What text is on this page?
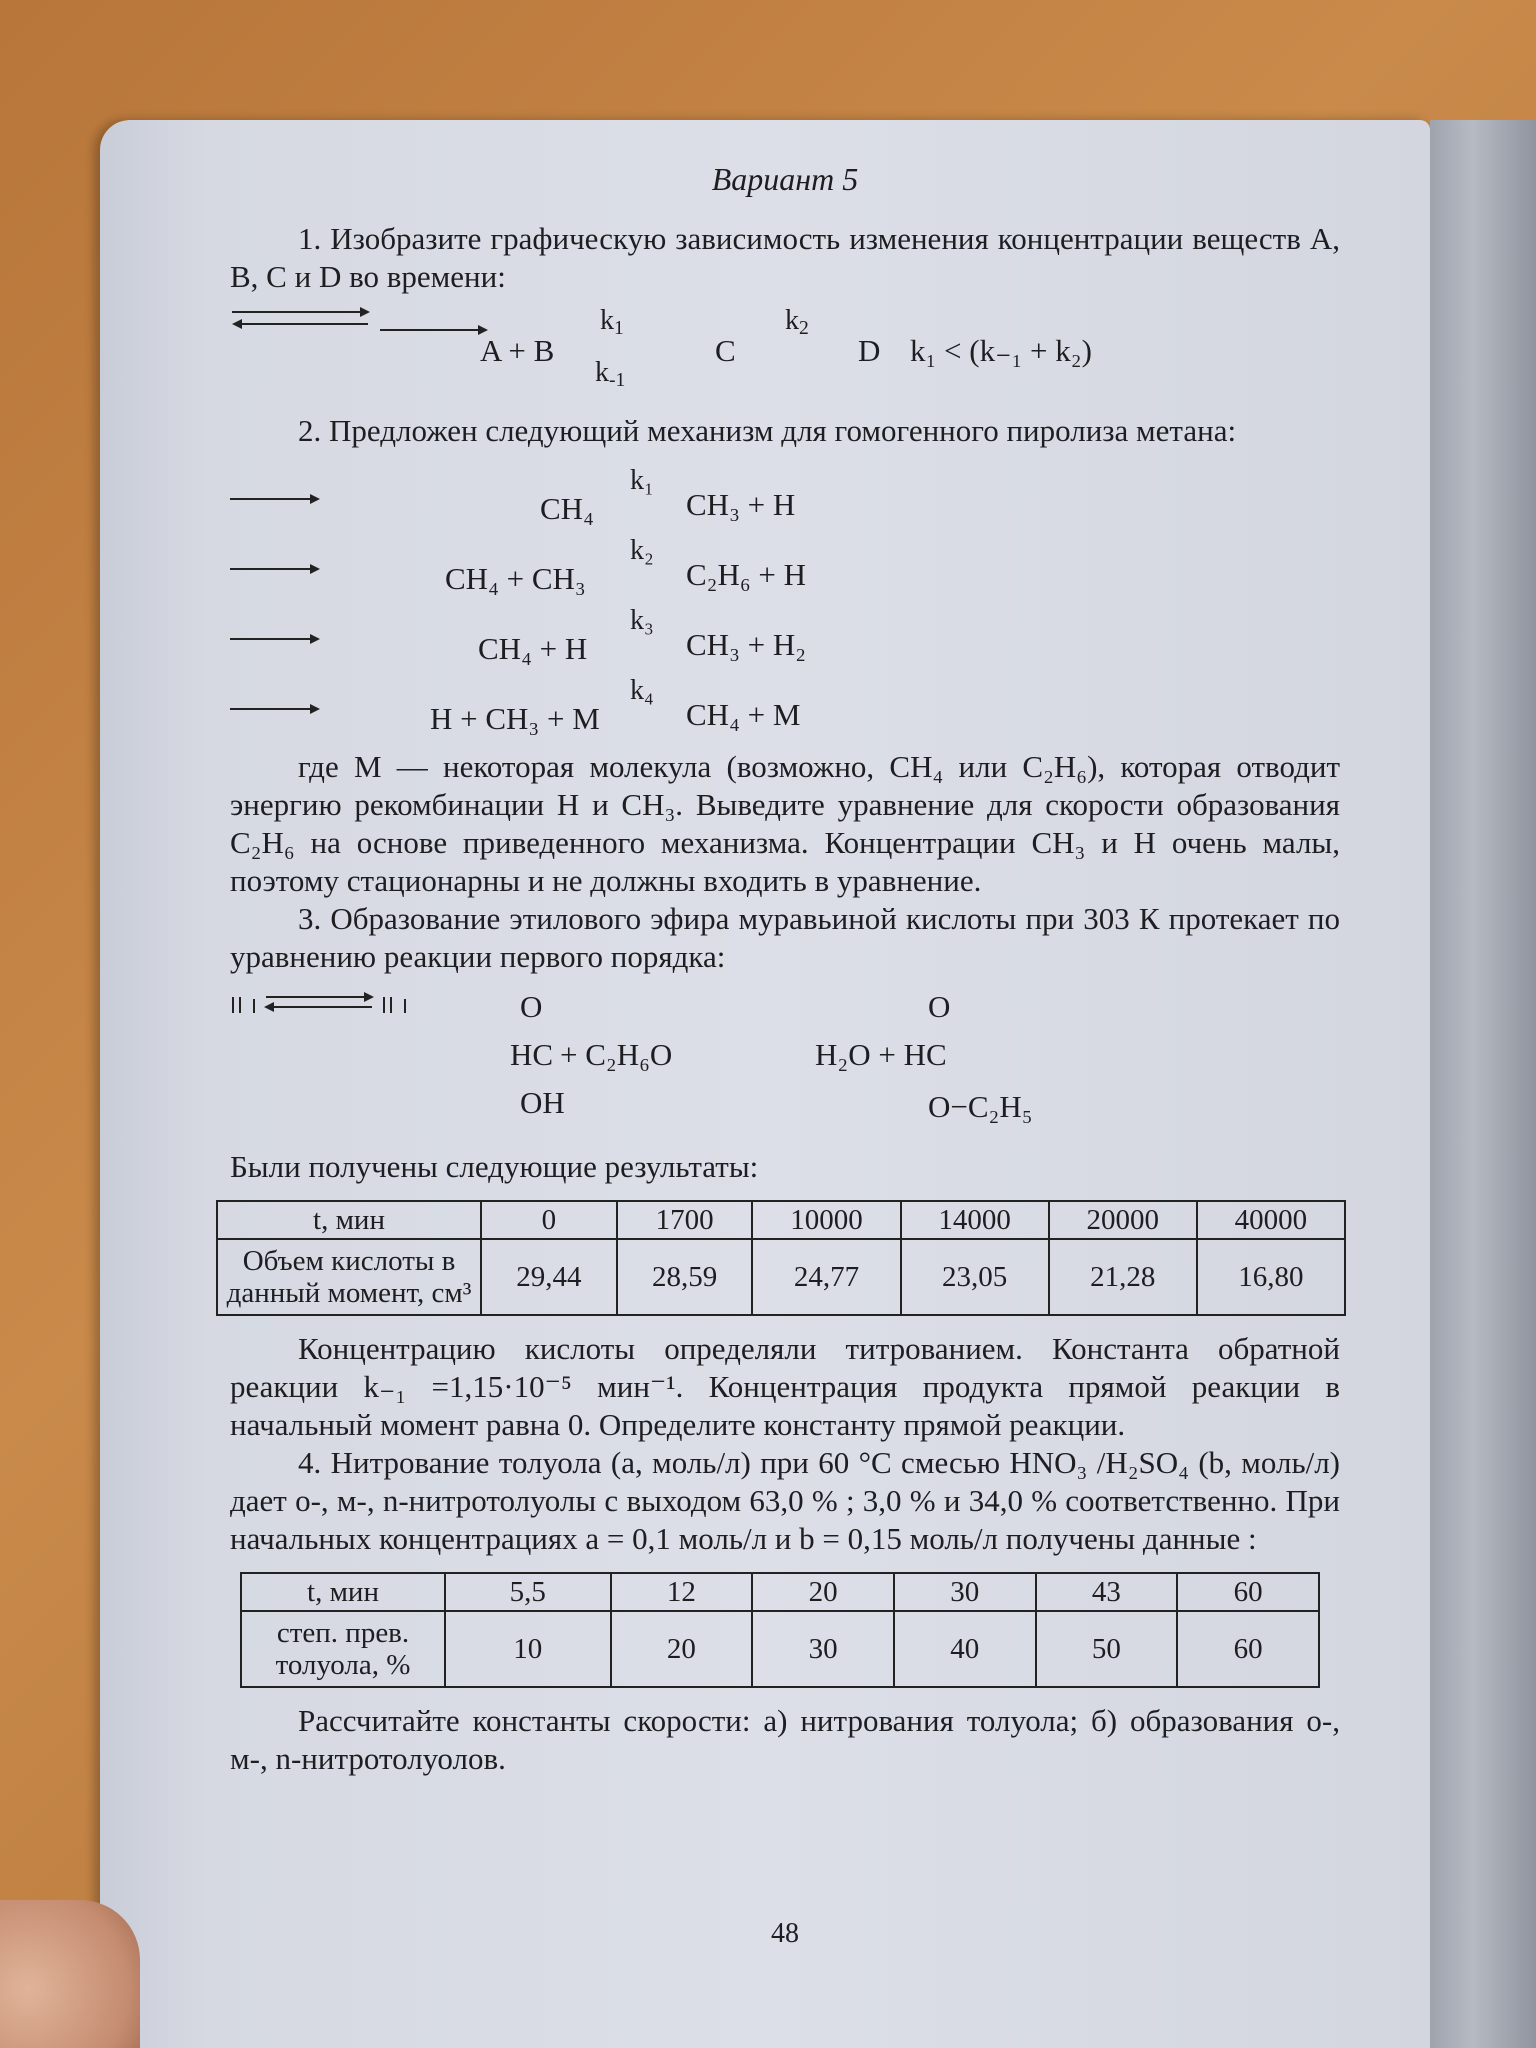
Вариант 5

1. Изобразите графическую зависимость изменения концентрации веществ A, B, C и D во времени:

A + B
$k_1$

$k_{-1}$
C
$k_2$
D k₁ < (k₋₁ + k₂)

2. Предложен следующий механизм для гомогенного пиролиза метана:

CH₄
k₁
CH₃ + H
CH₄ + CH₃
k₂
C₂H₆ + H
CH₄ + H
k₃
CH₃ + H₂
H + CH₃ + M
k₄
CH₄ + M

где M — некоторая молекула (возможно, CH₄ или C₂H₆), которая отводит энергию рекомбинации H и CH₃. Выведите уравнение для скорости образования C₂H₆ на основе приведенного механизма. Концентрации CH₃ и H очень малы, поэтому стационарны и не должны входить в уравнение.

3. Образование этилового эфира муравьиной кислоты при 303 К протекает по уравнению реакции первого порядка:

O

HC + C₂H₆O

OH

H₂O + HC
O

O−C₂H₅

Были получены следующие результаты:

t, мин	0	1700	10000	14000	20000	40000
Объем кислоты в данный момент, см³	29,44	28,59	24,77	23,05	21,28	16,80

Концентрацию кислоты определяли титрованием. Константа обратной реакции k₋₁ =1,15·10⁻⁵ мин⁻¹. Концентрация продукта прямой реакции в начальный момент равна 0. Определите константу прямой реакции.

4. Нитрование толуола (a, моль/л) при 60 °C смесью HNO₃ /H₂SO₄ (b, моль/л) дает о-, м-, n-нитротолуолы с выходом 63,0 % ; 3,0 % и 34,0 % соответственно. При начальных концентрациях a = 0,1 моль/л и b = 0,15 моль/л получены данные :

t, мин	5,5	12	20	30	43	60
степ. прев. толуола, %	10	20	30	40	50	60

Рассчитайте константы скорости: а) нитрования толуола; б) образования о-, м-, n-нитротолуолов.

48
